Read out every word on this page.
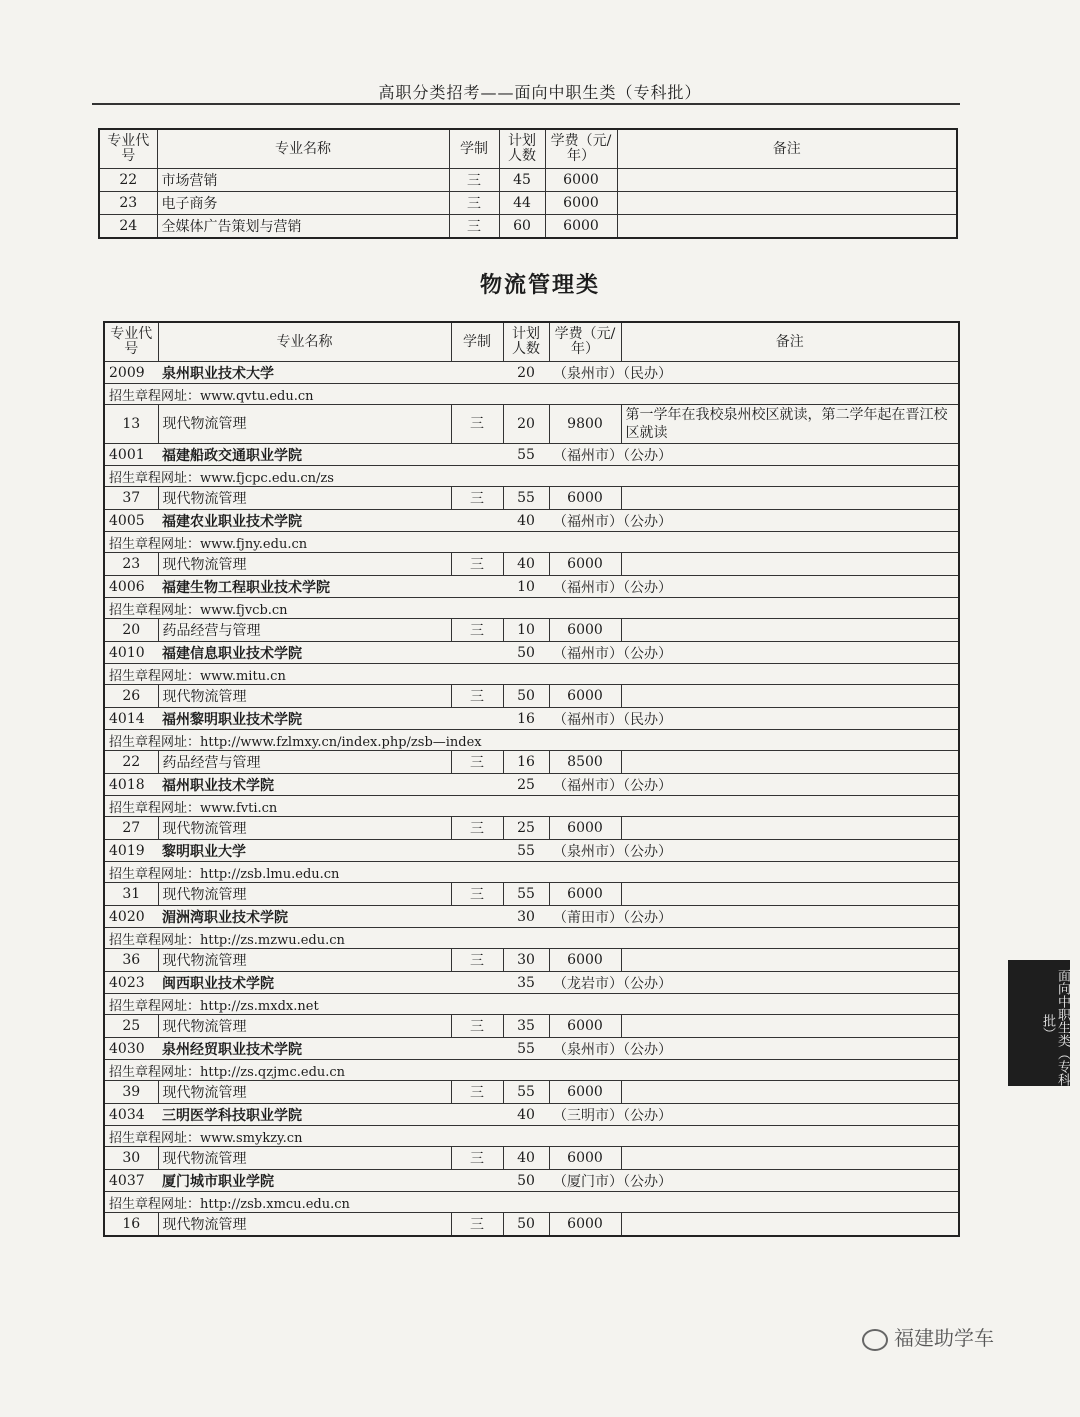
高职分类招考——面向中职生类（专科批）
专业代号	专业名称	学制	计划人数	学费（元/年）	备注
22	市场营销	三	45	6000	
23	电子商务	三	44	6000	
24	全媒体广告策划与营销	三	60	6000	
物流管理类
专业代号	专业名称	学制	计划人数	学费（元/年）	备注
2009	泉州职业技术大学		20	（泉州市）（民办）	
招生章程网址：www.qvtu.edu.cn					
13	现代物流管理	三	20	9800	第一学年在我校泉州校区就读，第二学年起在晋江校区就读
4001	福建船政交通职业学院		55	（福州市）（公办）	
招生章程网址：www.fjcpc.edu.cn/zs					
37	现代物流管理	三	55	6000	
4005	福建农业职业技术学院		40	（福州市）（公办）	
招生章程网址：www.fjny.edu.cn					
23	现代物流管理	三	40	6000	
4006	福建生物工程职业技术学院		10	（福州市）（公办）	
招生章程网址：www.fjvcb.cn					
20	药品经营与管理	三	10	6000	
4010	福建信息职业技术学院		50	（福州市）（公办）	
招生章程网址：www.mitu.cn					
26	现代物流管理	三	50	6000	
4014	福州黎明职业技术学院		16	（福州市）（民办）	
招生章程网址：http://www.fzlmxy.cn/index.php/zsb—index					
22	药品经营与管理	三	16	8500	
4018	福州职业技术学院		25	（福州市）（公办）	
招生章程网址：www.fvti.cn					
27	现代物流管理	三	25	6000	
4019	黎明职业大学		55	（泉州市）（公办）	
招生章程网址：http://zsb.lmu.edu.cn					
31	现代物流管理	三	55	6000	
4020	湄洲湾职业技术学院		30	（莆田市）（公办）	
招生章程网址：http://zs.mzwu.edu.cn					
36	现代物流管理	三	30	6000	
4023	闽西职业技术学院		35	（龙岩市）（公办）	
招生章程网址：http://zs.mxdx.net					
25	现代物流管理	三	35	6000	
4030	泉州经贸职业技术学院		55	（泉州市）（公办）	
招生章程网址：http://zs.qzjmc.edu.cn					
39	现代物流管理	三	55	6000	
4034	三明医学科技职业学院		40	（三明市）（公办）	
招生章程网址：www.smykzy.cn					
30	现代物流管理	三	40	6000	
4037	厦门城市职业学院		50	（厦门市）（公办）	
招生章程网址：http://zsb.xmcu.edu.cn					
16	现代物流管理	三	50	6000	
面向中职生类（专科批）
福建助学车
